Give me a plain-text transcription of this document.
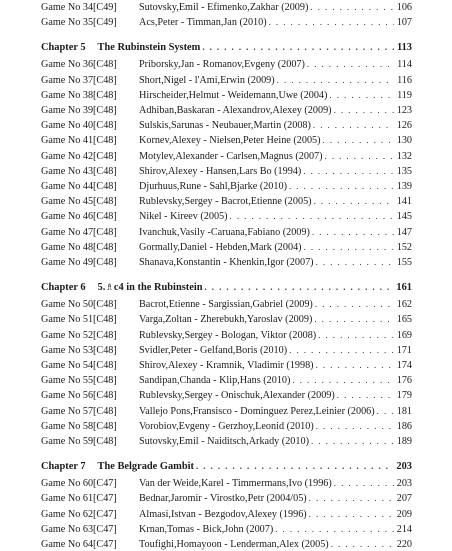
Game No 34 [C49]	Sutovsky,Emil - Efimenko,Zakhar (2009) . . .	106
Game No 35 [C49]	Acs,Peter - Timman,Jan (2010) . . .	107
Chapter 5 The Rubinstein System . . .	113
Game No 36 [C48]	Priborsky,Jan - Romanov,Evgeny (2007) . . .	114
Game No 37 [C48]	Short,Nigel - l'Ami,Erwin (2009) . . .	116
Game No 38 [C48]	Hirscheider,Helmut - Weidemann,Uwe (2004) . . .	119
Game No 39 [C48]	Adhiban,Baskaran - Alexandrov,Alexey (2009) . . .	123
Game No 40 [C48]	Sulskis,Sarunas - Neubauer,Martin (2008) . . .	126
Game No 41 [C48]	Kornev,Alexey - Nielsen,Peter Heine (2005) . . .	130
Game No 42 [C48]	Motylev,Alexander - Carlsen,Magnus (2007) . . .	132
Game No 43 [C48]	Shirov,Alexey - Hansen,Lars Bo (1994) . . .	135
Game No 44 [C48]	Djurhuus,Rune - Sahl,Bjarke (2010) . . .	139
Game No 45 [C48]	Rublevsky,Sergey - Bacrot,Etienne (2005) . . .	141
Game No 46 [C48]	Nikel - Kireev (2005) . . .	145
Game No 47 [C48]	Ivanchuk,Vasily -Caruana,Fabiano (2009) . . .	147
Game No 48 [C48]	Gormally,Daniel - Hebden,Mark (2004) . . .	152
Game No 49 [C48]	Shanava,Konstantin - Khenkin,Igor (2007) . . .	155
Chapter 6 5.♗c4 in the Rubinstein . . .	161
Game No 50 [C48]	Bacrot,Etienne - Sargissian,Gabriel (2009) . . .	162
Game No 51 [C48]	Varga,Zoltan - Zherebukh,Yaroslav (2009) . . .	165
Game No 52 [C48]	Rublevsky,Sergey - Bologan, Viktor (2008) . . .	169
Game No 53 [C48]	Svidler,Peter - Gelfand,Boris (2010) . . .	171
Game No 54 [C48]	Shirov,Alexey - Kramnik, Vladimir (1998) . . .	174
Game No 55 [C48]	Sandipan,Chanda - Klip,Hans (2010) . . .	176
Game No 56 [C48]	Rublevsky,Sergey - Onischuk,Alexander (2009) . . .	179
Game No 57 [C48]	Vallejo Pons,Fransisco - Dominguez Perez,Leinier (2006) . . . 181
Game No 58 [C48]	Vorobiov,Evgeny - Gerzhoy,Leonid (2010) . . .	186
Game No 59 [C48]	Sutovsky,Emil - Naiditsch,Arkady (2010) . . .	189
Chapter 7 The Belgrade Gambit . . .	203
Game No 60 [C47]	Van der Weide,Karel - Timmermans,Ivo (1996) . . .	203
Game No 61 [C47]	Bednar,Jaromir - Virostko,Petr (2004/05) . . .	207
Game No 62 [C47]	Almasi,Istvan - Bezgodov,Alexey (1996) . . .	209
Game No 63 [C47]	Krnan,Tomas - Bick,John (2007) . . .	214
Game No 64 [C47]	Toufighi,Homayoon - Lenderman,Alex (2005) . . .	220
